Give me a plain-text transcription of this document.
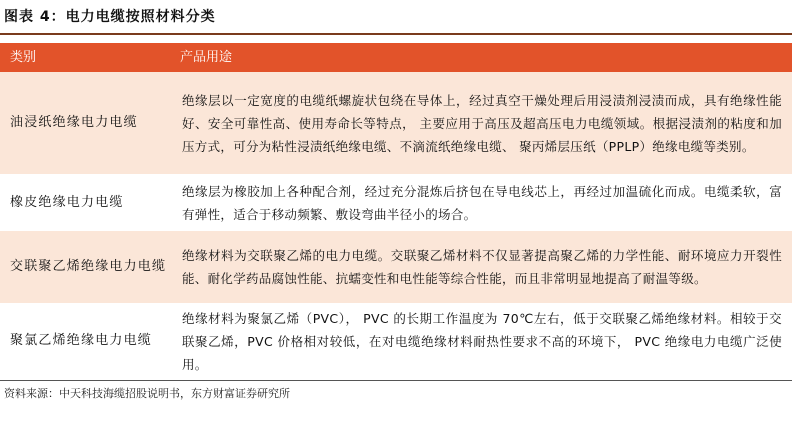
图表 4：电力电缆按照材料分类
类别	产品用途
油浸纸绝缘电力电缆
绝缘层以一定宽度的电缆纸螺旋状包绕在导体上，经过真空干燥处理后用浸渍剂浸渍而成，具有绝缘性能好、安全可靠性高、使用寿命长等特点， 主要应用于高压及超高压电力电缆领域。根据浸渍剂的粘度和加压方式，可分为粘性浸渍纸绝缘电缆、不滴流纸绝缘电缆、 聚丙烯层压纸（PPLP）绝缘电缆等类别。
橡皮绝缘电力电缆
绝缘层为橡胶加上各种配合剂，经过充分混炼后挤包在导电线芯上，再经过加温硫化而成。电缆柔软，富有弹性，适合于移动频繁、敷设弯曲半径小的场合。
交联聚乙烯绝缘电力电缆
绝缘材料为交联聚乙烯的电力电缆。交联聚乙烯材料不仅显著提高聚乙烯的力学性能、耐环境应力开裂性能、耐化学药品腐蚀性能、抗蠕变性和电性能等综合性能，而且非常明显地提高了耐温等级。
聚氯乙烯绝缘电力电缆
绝缘材料为聚氯乙烯（PVC）， PVC 的长期工作温度为 70℃左右，低于交联聚乙烯绝缘材料。相较于交联聚乙烯，PVC 价格相对较低，在对电缆绝缘材料耐热性要求不高的环境下， PVC 绝缘电力电缆广泛使用。
资料来源：中天科技海缆招股说明书，东方财富证券研究所
